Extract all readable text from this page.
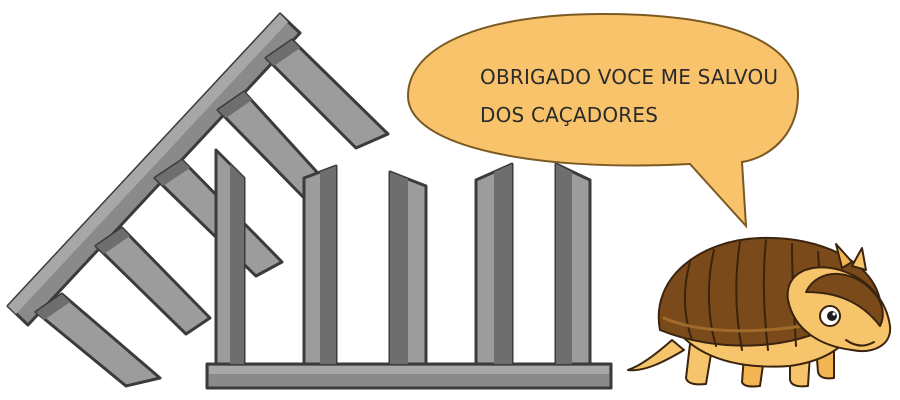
OBRIGADO VOCE ME SALVOU
DOS CAÇADORES
